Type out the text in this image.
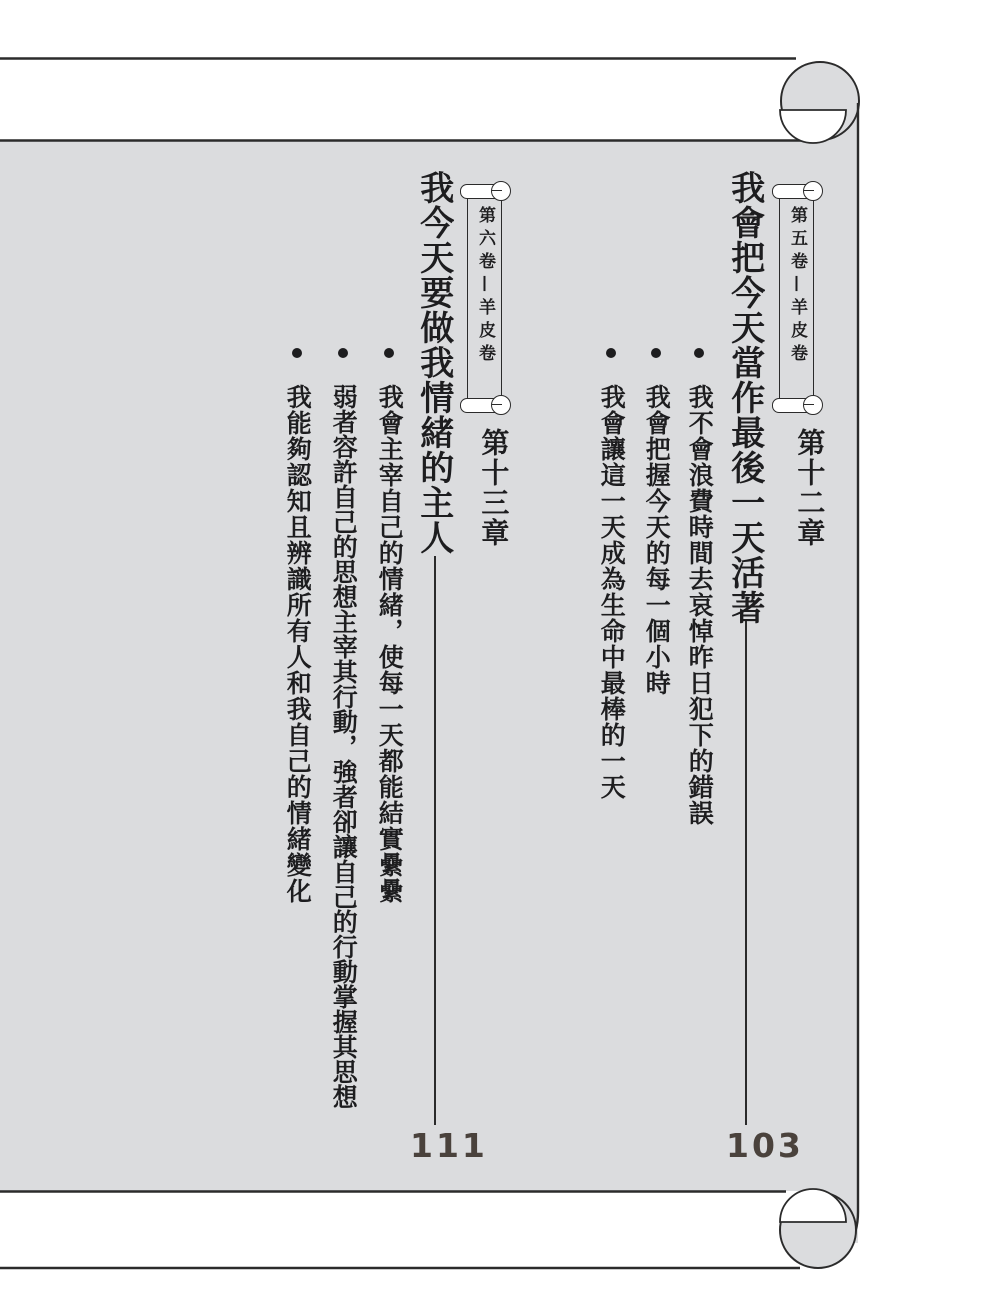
第五卷—羊皮卷
我會把今天當作最後一天活著 第十二章
我不會浪費時間去哀悼昨日犯下的錯誤
我會把握今天的每一個小時
我會讓這一天成為生命中最棒的一天
103
第六卷—羊皮卷
我今天要做我情緒的主人 第十三章
我會主宰自己的情緒，使每一天都能結實纍纍
弱者容許自己的思想主宰其行動，強者卻讓自己的行動掌握其思想
我能夠認知且辨識所有人和我自己的情緒變化
111
